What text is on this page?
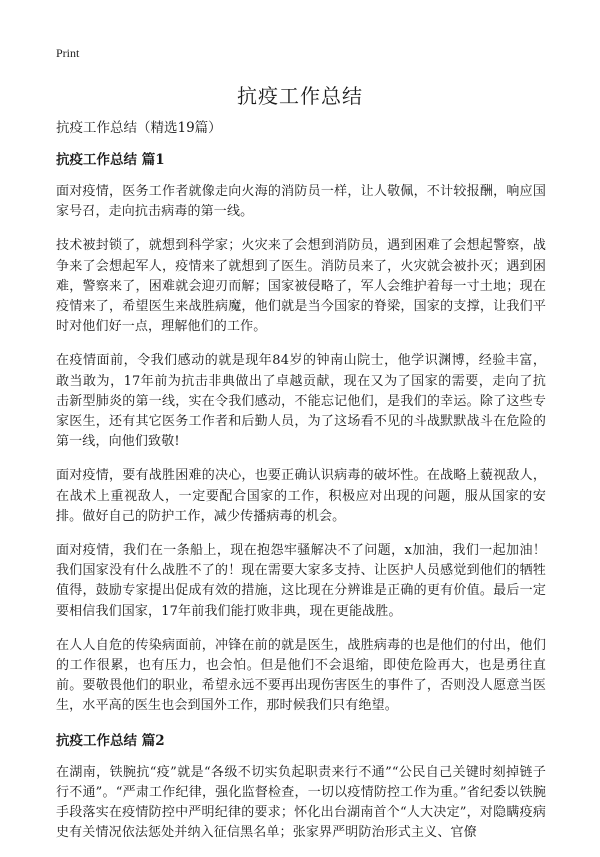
Print
抗疫工作总结

抗疫工作总结（精选19篇）

抗疫工作总结 篇1

面对疫情，医务工作者就像走向火海的消防员一样，让人敬佩，不计较报酬，响应国家号召，走向抗击病毒的第一线。

技术被封锁了，就想到科学家；火灾来了会想到消防员，遇到困难了会想起警察，战争来了会想起军人，疫情来了就想到了医生。消防员来了，火灾就会被扑灭；遇到困难，警察来了，困难就会迎刃而解；国家被侵略了，军人会维护着每一寸土地；现在疫情来了，希望医生来战胜病魔，他们就是当今国家的脊梁，国家的支撑，让我们平时对他们好一点，理解他们的工作。

在疫情面前，令我们感动的就是现年84岁的钟南山院士，他学识渊博，经验丰富，敢当敢为，17年前为抗击非典做出了卓越贡献，现在又为了国家的需要，走向了抗击新型肺炎的第一线，实在令我们感动，不能忘记他们，是我们的幸运。除了这些专家医生，还有其它医务工作者和后勤人员，为了这场看不见的斗战默默战斗在危险的第一线，向他们致敬!

面对疫情，要有战胜困难的决心，也要正确认识病毒的破坏性。在战略上藐视敌人，在战术上重视敌人，一定要配合国家的工作，积极应对出现的问题，服从国家的安排。做好自己的防护工作，减少传播病毒的机会。

面对疫情，我们在一条船上，现在抱怨牢骚解决不了问题，x加油，我们一起加油！我们国家没有什么战胜不了的！现在需要大家多支持、让医护人员感觉到他们的牺牲值得，鼓励专家提出促成有效的措施，这比现在分辨谁是正确的更有价值。最后一定要相信我们国家，17年前我们能打败非典，现在更能战胜。

在人人自危的传染病面前，冲锋在前的就是医生，战胜病毒的也是他们的付出，他们的工作很累，也有压力，也会怕。但是他们不会退缩，即使危险再大，也是勇往直前。要敬畏他们的职业，希望永远不要再出现伤害医生的事件了，否则没人愿意当医生，水平高的医生也会到国外工作，那时候我们只有绝望。

抗疫工作总结 篇2

在湖南，铁腕抗“疫”就是“各级不切实负起职责来行不通”“公民自己关键时刻掉链子行不通”。“严肃工作纪律，强化监督检查，一切以疫情防控工作为重。”省纪委以铁腕手段落实在疫情防控中严明纪律的要求；怀化出台湖南首个“人大决定”，对隐瞒疫病史有关情况依法惩处并纳入征信黑名单；张家界严明防治形式主义、官僚
